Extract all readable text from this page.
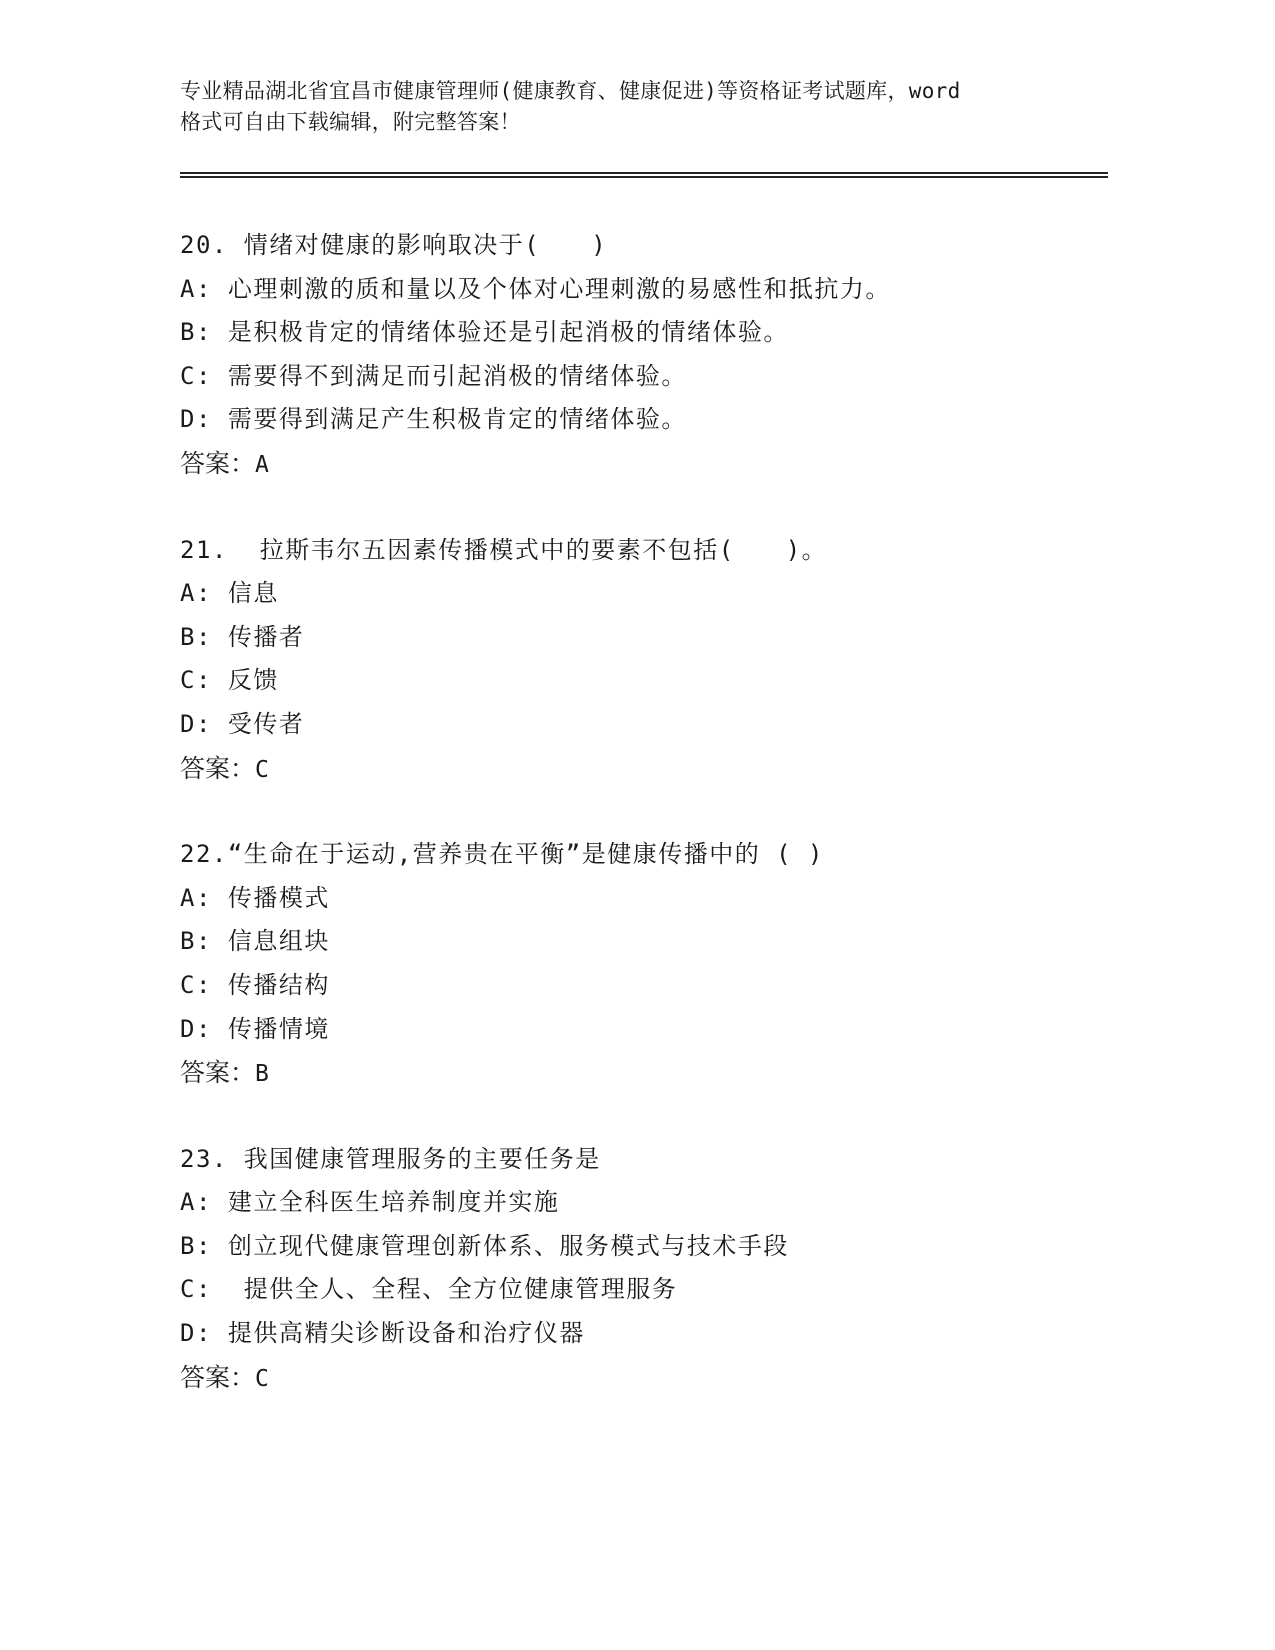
专业精品湖北省宜昌市健康管理师(健康教育、健康促进)等资格证考试题库，word
格式可自由下载编辑，附完整答案！
20. 情绪对健康的影响取决于(　　)
A: 心理刺激的质和量以及个体对心理刺激的易感性和抵抗力。
B: 是积极肯定的情绪体验还是引起消极的情绪体验。
C: 需要得不到满足而引起消极的情绪体验。
D: 需要得到满足产生积极肯定的情绪体验。
答案：A
21.  拉斯韦尔五因素传播模式中的要素不包括(　　)。
A: 信息
B: 传播者
C: 反馈
D: 受传者
答案：C
22.“生命在于运动,营养贵在平衡”是健康传播中的 ( )
A: 传播模式
B: 信息组块
C: 传播结构
D: 传播情境
答案：B
23. 我国健康管理服务的主要任务是
A: 建立全科医生培养制度并实施
B: 创立现代健康管理创新体系、服务模式与技术手段
C:  提供全人、全程、全方位健康管理服务
D: 提供高精尖诊断设备和治疗仪器
答案：C
